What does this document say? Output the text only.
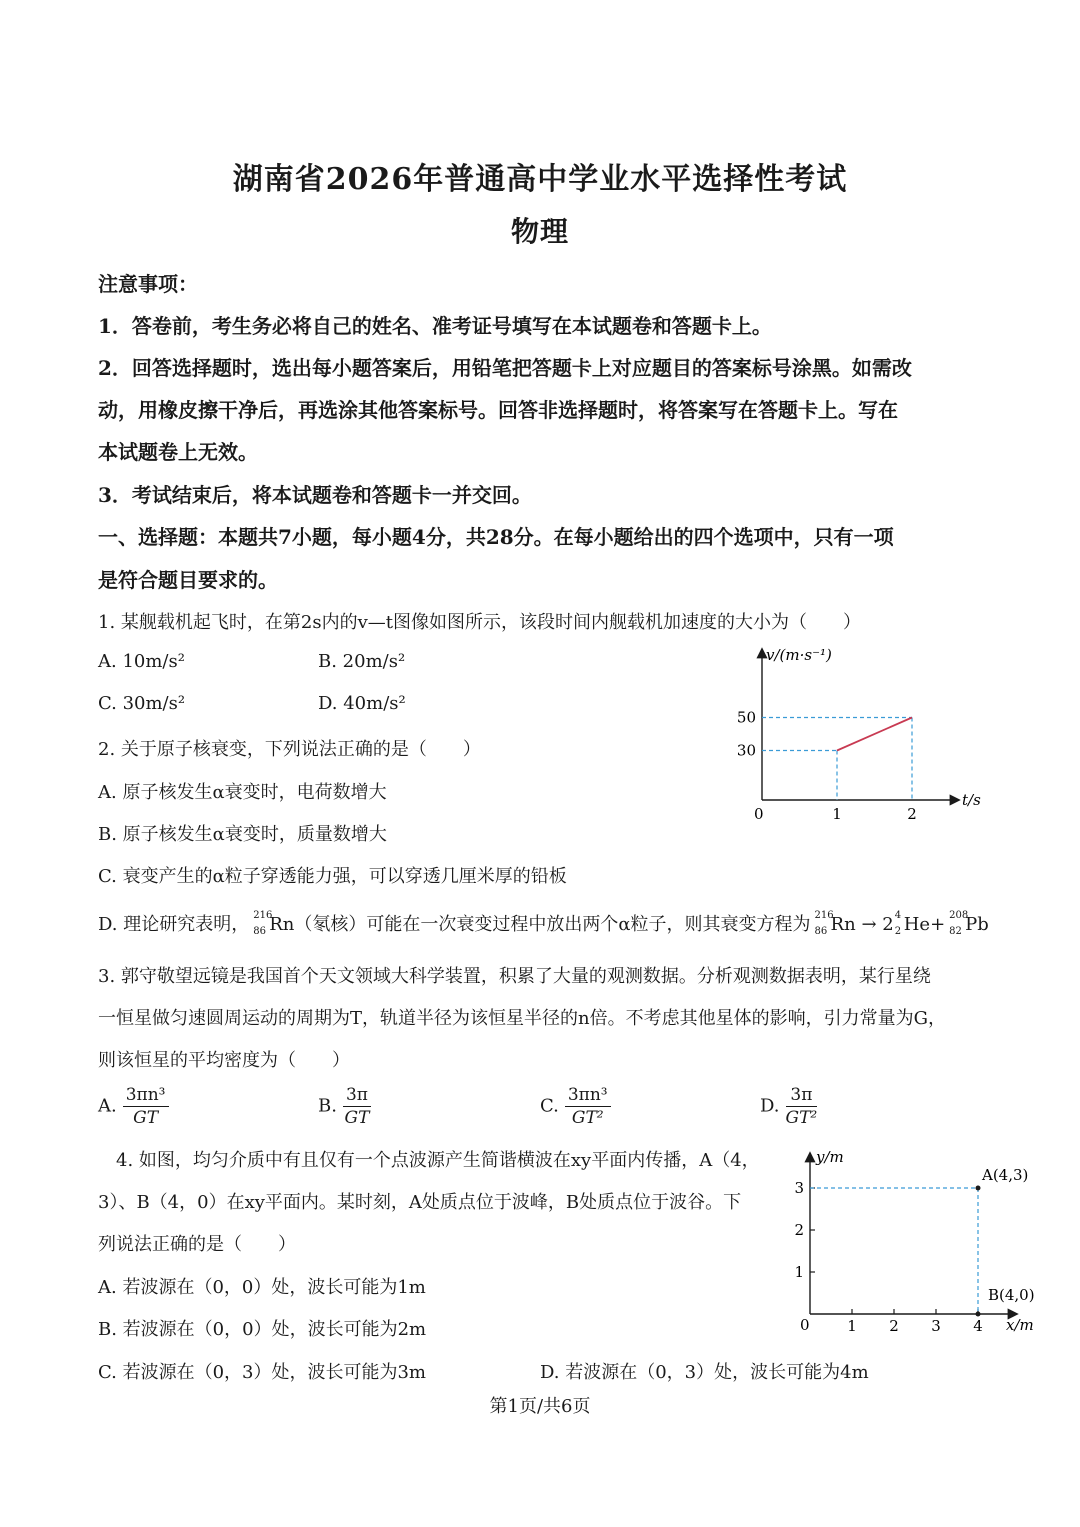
湖南省2026年普通高中学业水平选择性考试
物理
注意事项：
1．答卷前，考生务必将自己的姓名、准考证号填写在本试题卷和答题卡上。
2．回答选择题时，选出每小题答案后，用铅笔把答题卡上对应题目的答案标号涂黑。如需改
动，用橡皮擦干净后，再选涂其他答案标号。回答非选择题时，将答案写在答题卡上。写在
本试题卷上无效。
3．考试结束后，将本试题卷和答题卡一并交回。
一、选择题：本题共7小题，每小题4分，共28分。在每小题给出的四个选项中，只有一项
是符合题目要求的。
1. 某舰载机起飞时，在第2s内的v—t图像如图所示，该段时间内舰载机加速度的大小为（　　）
A. 10m/s²	B. 20m/s²
C. 30m/s²	D. 40m/s²
v/(m·s⁻¹)
t/s
0	1	2
30
50
2. 关于原子核衰变，下列说法正确的是（　　）
A. 原子核发生α衰变时，电荷数增大
B. 原子核发生α衰变时，质量数增大
C. 衰变产生的α粒子穿透能力强，可以穿透几厘米厚的铅板
D. 理论研究表明， 216
86 Rn（氡核）可能在一次衰变过程中放出两个α粒子，则其衰变方程为 216
86 Rn → 2 4
2 He+ 208
82 Pb
3. 郭守敬望远镜是我国首个天文领域大科学装置，积累了大量的观测数据。分析观测数据表明，某行星绕
一恒星做匀速圆周运动的周期为T，轨道半径为该恒星半径的n倍。不考虑其他星体的影响，引力常量为G，
则该恒星的平均密度为（　　）
A. $\frac{\text{3πn³}}{GT}$	B. $\frac{3\pi}{GT}$	C. $\frac{\text{3πn³}}{\text{GT²}}$	D. $\frac{3\pi}{\text{GT²}}$
4. 如图，均匀介质中有且仅有一个点波源产生简谐横波在xy平面内传播，A（4，
3）、B（4，0）在xy平面内。某时刻，A处质点位于波峰，B处质点位于波谷。下
列说法正确的是（　　）
A. 若波源在（0，0）处，波长可能为1m
B. 若波源在（0，0）处，波长可能为2m
C. 若波源在（0，3）处，波长可能为3m	D. 若波源在（0，3）处，波长可能为4m
A(4,3)
B(4,0)
y/m
x/m
0	1 2 3 4
1
2
3
第1页/共6页
